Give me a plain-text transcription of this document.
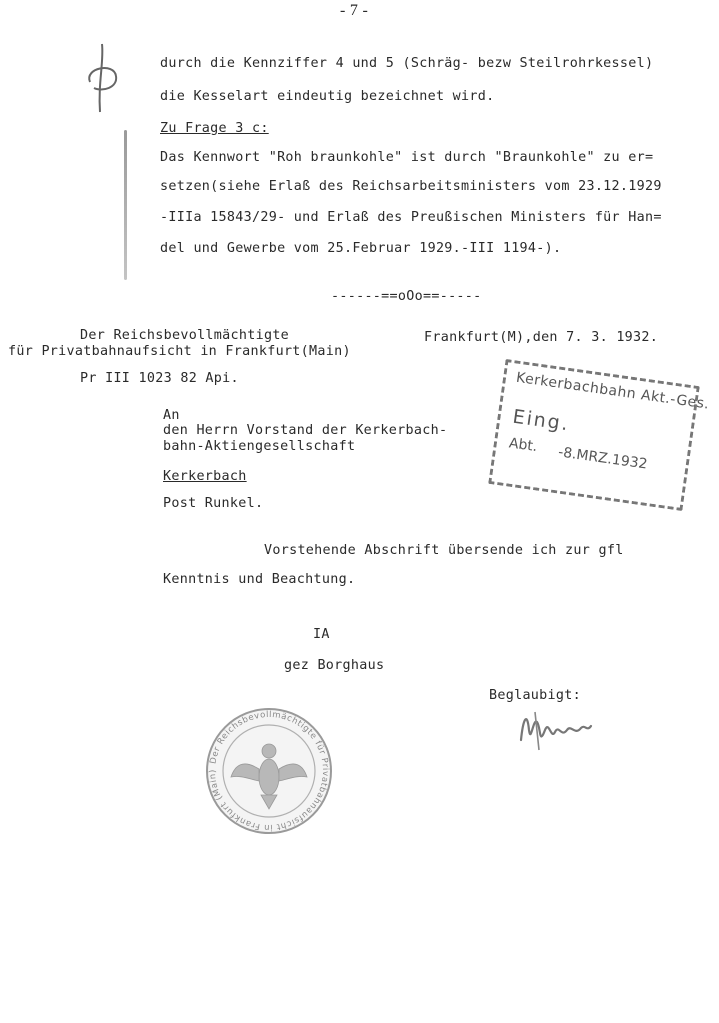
- 7 -
durch die Kennziffer 4 und 5 (Schräg- bezw Steilrohrkessel)
die Kesselart eindeutig bezeichnet wird.
Zu Frage 3 c:
Das Kennwort "Roh braunkohle" ist durch "Braunkohle" zu er=
setzen(siehe Erlaß des Reichsarbeitsministers vom 23.12.1929
-IIIa 15843/29- und Erlaß des Preußischen Ministers für Han=
del und Gewerbe vom 25.Februar 1929.-III 1194-).
------==oOo==-----
Der Reichsbevollmächtigte
für Privatbahnaufsicht in Frankfurt(Main)
Pr III 1023 82 Api.
Frankfurt(M),den 7. 3. 1932.
An
den Herrn Vorstand der Kerkerbach-
bahn-Aktiengesellschaft
Kerkerbach
Post Runkel.
Kerkerbachbahn Akt.-Ges.
Eing.
Abt. -8.MRZ.1932
Vorstehende Abschrift übersende ich zur gfl
Kenntnis und Beachtung.
IA
gez Borghaus
Beglaubigt:
Der Reichsbevollmächtigte für Privatbahnaufsicht in Frankfurt (Main)
